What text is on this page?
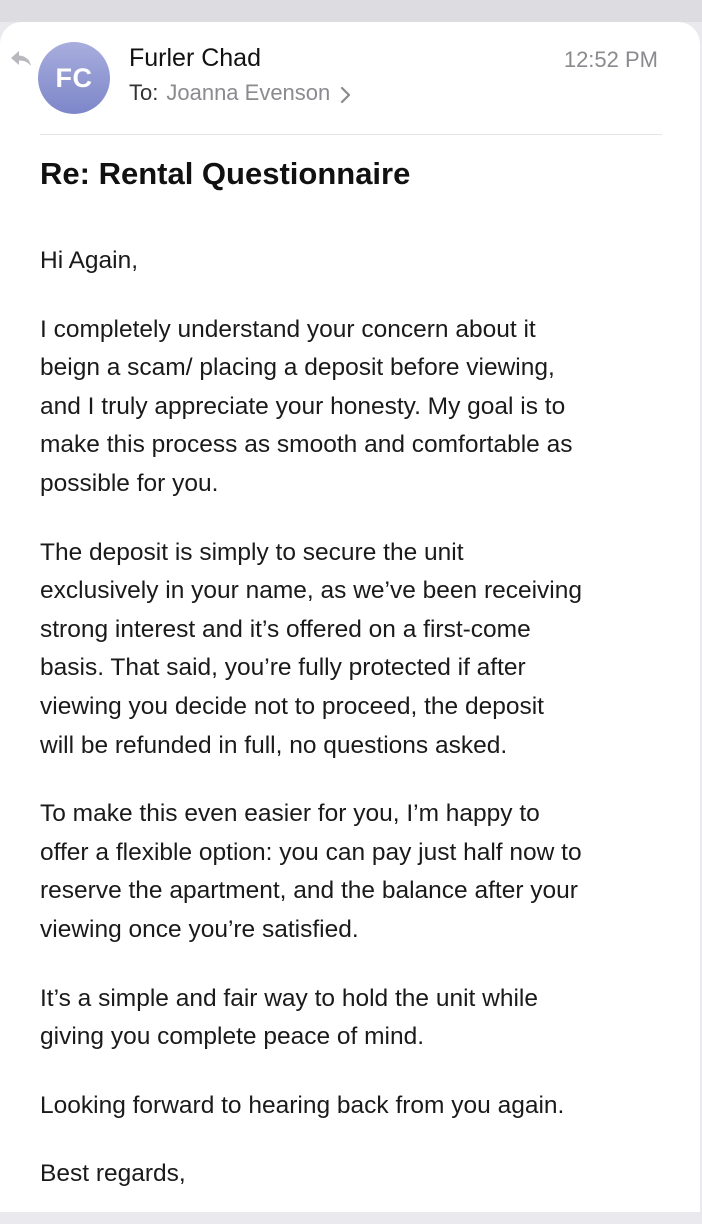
FC
Furler Chad
To: Joanna Evenson
12:52 PM
Re: Rental Questionnaire

Hi Again,

I completely understand your concern about it
beign a scam/ placing a deposit before viewing,
and I truly appreciate your honesty. My goal is to
make this process as smooth and comfortable as
possible for you.

The deposit is simply to secure the unit
exclusively in your name, as we’ve been receiving
strong interest and it’s offered on a first-come
basis. That said, you’re fully protected if after
viewing you decide not to proceed, the deposit
will be refunded in full, no questions asked.

To make this even easier for you, I’m happy to
offer a flexible option: you can pay just half now to
reserve the apartment, and the balance after your
viewing once you’re satisfied.

It’s a simple and fair way to hold the unit while
giving you complete peace of mind.

Looking forward to hearing back from you again.

Best regards,
